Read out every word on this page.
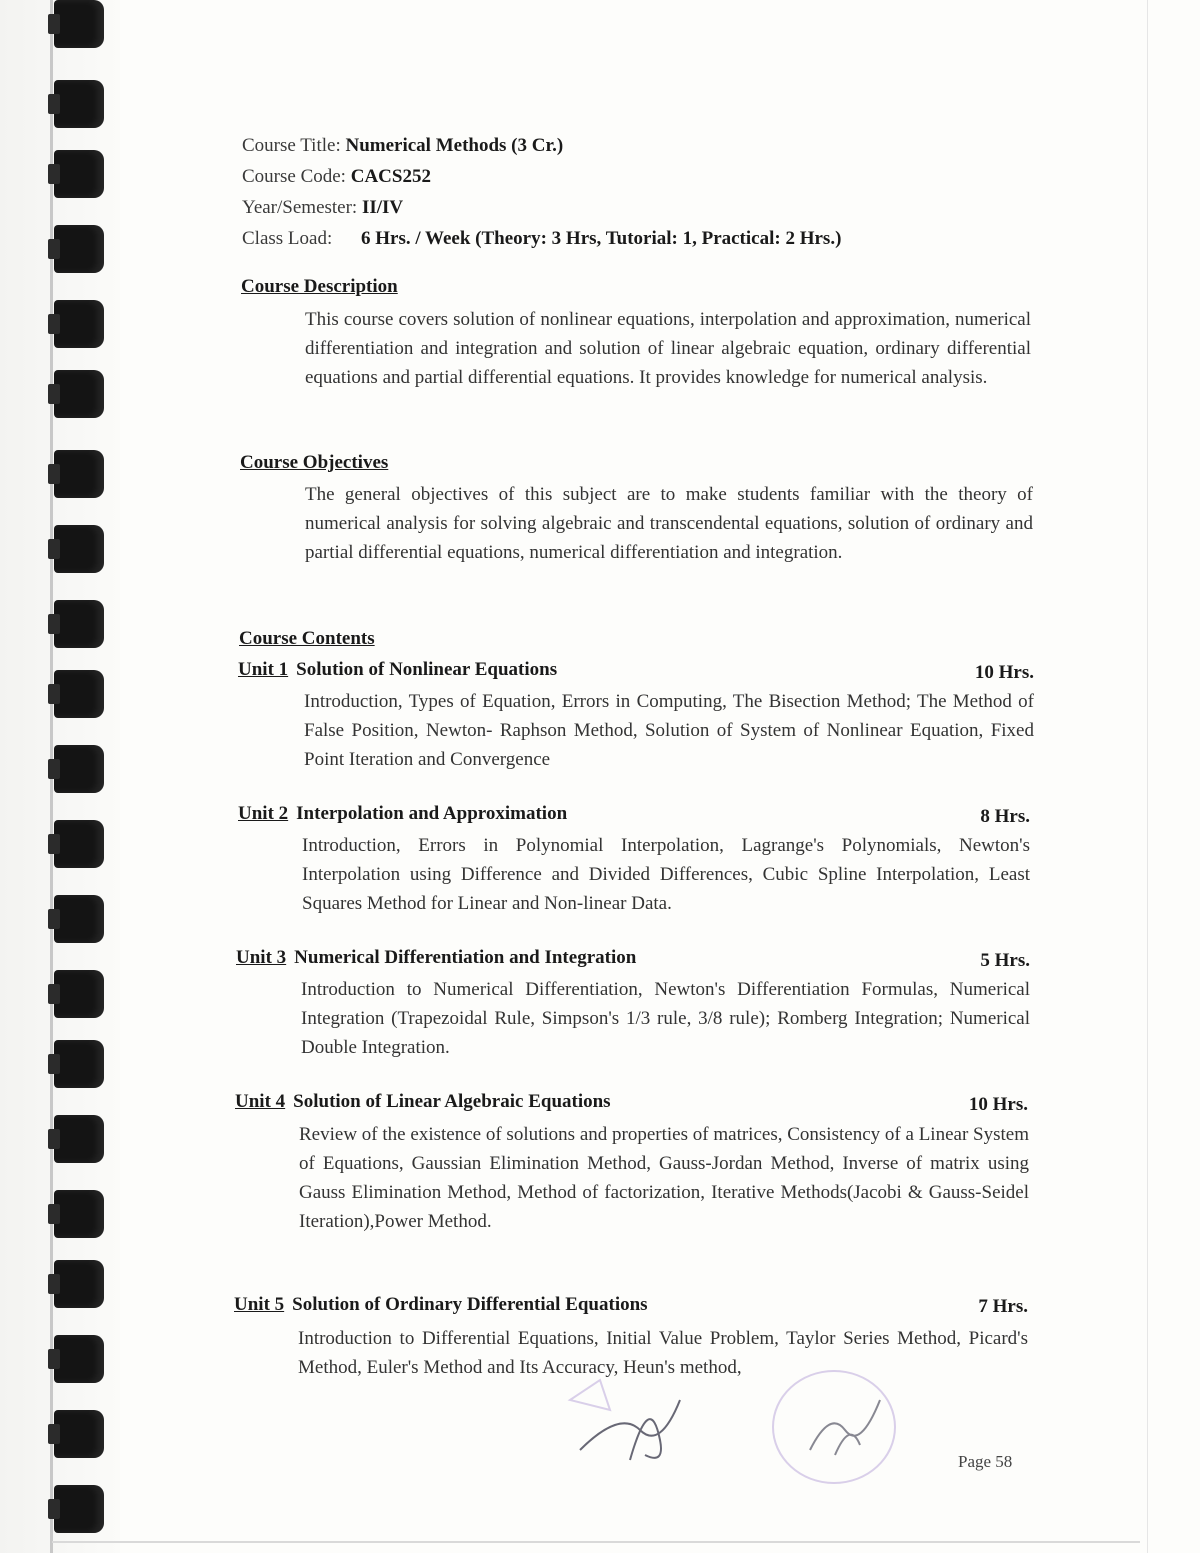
Course Title: Numerical Methods (3 Cr.)
Course Code: CACS252
Year/Semester: II/IV
Class Load: 6 Hrs. / Week (Theory: 3 Hrs, Tutorial: 1, Practical: 2 Hrs.)
Course Description
This course covers solution of nonlinear equations, interpolation and approximation, numerical differentiation and integration and solution of linear algebraic equation, ordinary differential equations and partial differential equations. It provides knowledge for numerical analysis.
Course Objectives
The general objectives of this subject are to make students familiar with the theory of numerical analysis for solving algebraic and transcendental equations, solution of ordinary and partial differential equations, numerical differentiation and integration.
Course Contents
Unit 1 Solution of Nonlinear Equations	10 Hrs.
Introduction, Types of Equation, Errors in Computing, The Bisection Method; The Method of False Position, Newton- Raphson Method, Solution of System of Nonlinear Equation, Fixed Point Iteration and Convergence
Unit 2 Interpolation and Approximation	8 Hrs.
Introduction, Errors in Polynomial Interpolation, Lagrange's Polynomials, Newton's Interpolation using Difference and Divided Differences, Cubic Spline Interpolation, Least Squares Method for Linear and Non-linear Data.
Unit 3 Numerical Differentiation and Integration	5 Hrs.
Introduction to Numerical Differentiation, Newton's Differentiation Formulas, Numerical Integration (Trapezoidal Rule, Simpson's 1/3 rule, 3/8 rule); Romberg Integration; Numerical Double Integration.
Unit 4 Solution of Linear Algebraic Equations	10 Hrs.
Review of the existence of solutions and properties of matrices, Consistency of a Linear System of Equations, Gaussian Elimination Method, Gauss-Jordan Method, Inverse of matrix using Gauss Elimination Method, Method of factorization, Iterative Methods(Jacobi & Gauss-Seidel Iteration),Power Method.
Unit 5 Solution of Ordinary Differential Equations	7 Hrs.
Introduction to Differential Equations, Initial Value Problem, Taylor Series Method, Picard's Method, Euler's Method and Its Accuracy, Heun's method,
Page 58
